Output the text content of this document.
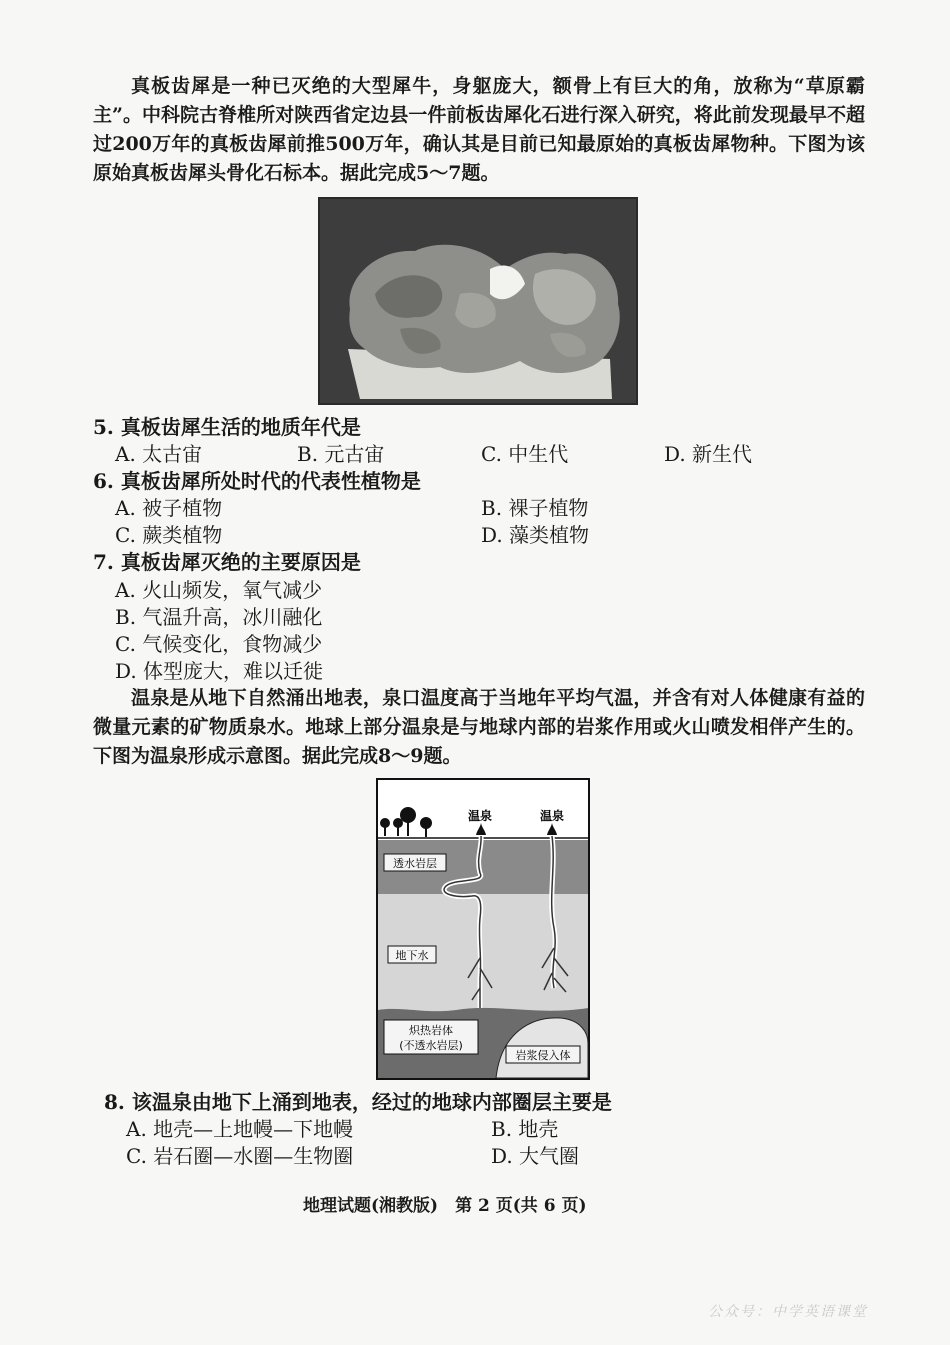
真板齿犀是一种已灭绝的大型犀牛，身躯庞大，额骨上有巨大的角，放称为“草原霸主”。中科院古脊椎所对陕西省定边县一件前板齿犀化石进行深入研究，将此前发现最早不超过200万年的真板齿犀前推500万年，确认其是目前已知最原始的真板齿犀物种。下图为该原始真板齿犀头骨化石标本。据此完成5～7题。
5. 真板齿犀生活的地质年代是
A. 太古宙	B. 元古宙	C. 中生代	D. 新生代
6. 真板齿犀所处时代的代表性植物是
A. 被子植物	B. 裸子植物
C. 蕨类植物	D. 藻类植物
7. 真板齿犀灭绝的主要原因是
A. 火山频发，氧气减少
B. 气温升高，冰川融化
C. 气候变化，食物减少
D. 体型庞大，难以迁徙
温泉是从地下自然涌出地表，泉口温度高于当地年平均气温，并含有对人体健康有益的微量元素的矿物质泉水。地球上部分温泉是与地球内部的岩浆作用或火山喷发相伴产生的。下图为温泉形成示意图。据此完成8～9题。
温泉	温泉
透水岩层
地下水
炽热岩体
(不透水岩层)
岩浆侵入体
8. 该温泉由地下上涌到地表，经过的地球内部圈层主要是
A. 地壳—上地幔—下地幔	B. 地壳
C. 岩石圈—水圈—生物圈	D. 大气圈
地理试题(湘教版)　第 2 页(共 6 页)
公众号：中学英语课堂
